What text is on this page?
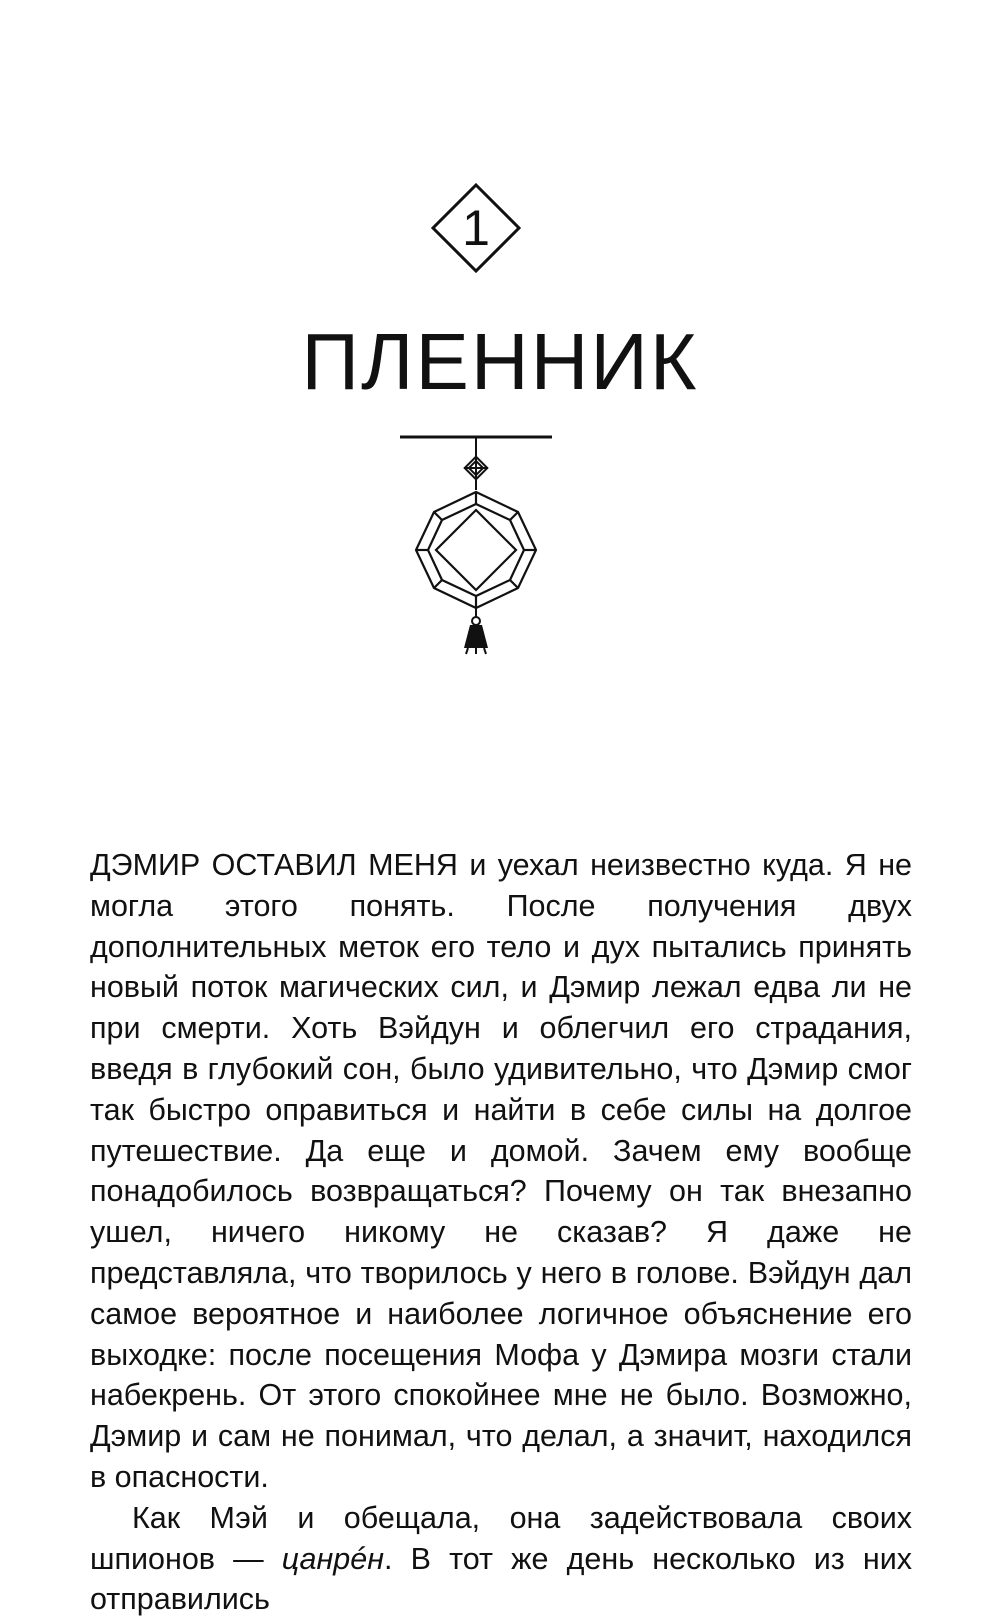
1
ПЛЕННИК

ДЭМИР ОСТАВИЛ МЕНЯ и уехал неизвестно куда. Я не могла этого понять. После получения двух дополнительных меток его тело и дух пытались принять новый поток магических сил, и Дэмир лежал едва ли не при смерти. Хоть Вэйдун и облегчил его страдания, введя в глубокий сон, было удивительно, что Дэмир смог так быстро оправиться и найти в себе силы на долгое путешествие. Да еще и домой. Зачем ему вообще понадобилось возвращаться? Почему он так внезапно ушел, ничего никому не сказав? Я даже не представляла, что творилось у него в голове. Вэйдун дал самое вероятное и наиболее логичное объяснение его выходке: после посещения Мофа у Дэмира мозги стали набекрень. От этого спокойнее мне не было. Возможно, Дэмир и сам не понимал, что делал, а значит, находился в опасности.

Как Мэй и обещала, она задействовала своих шпионов — цанрéн. В тот же день несколько из них отправились
